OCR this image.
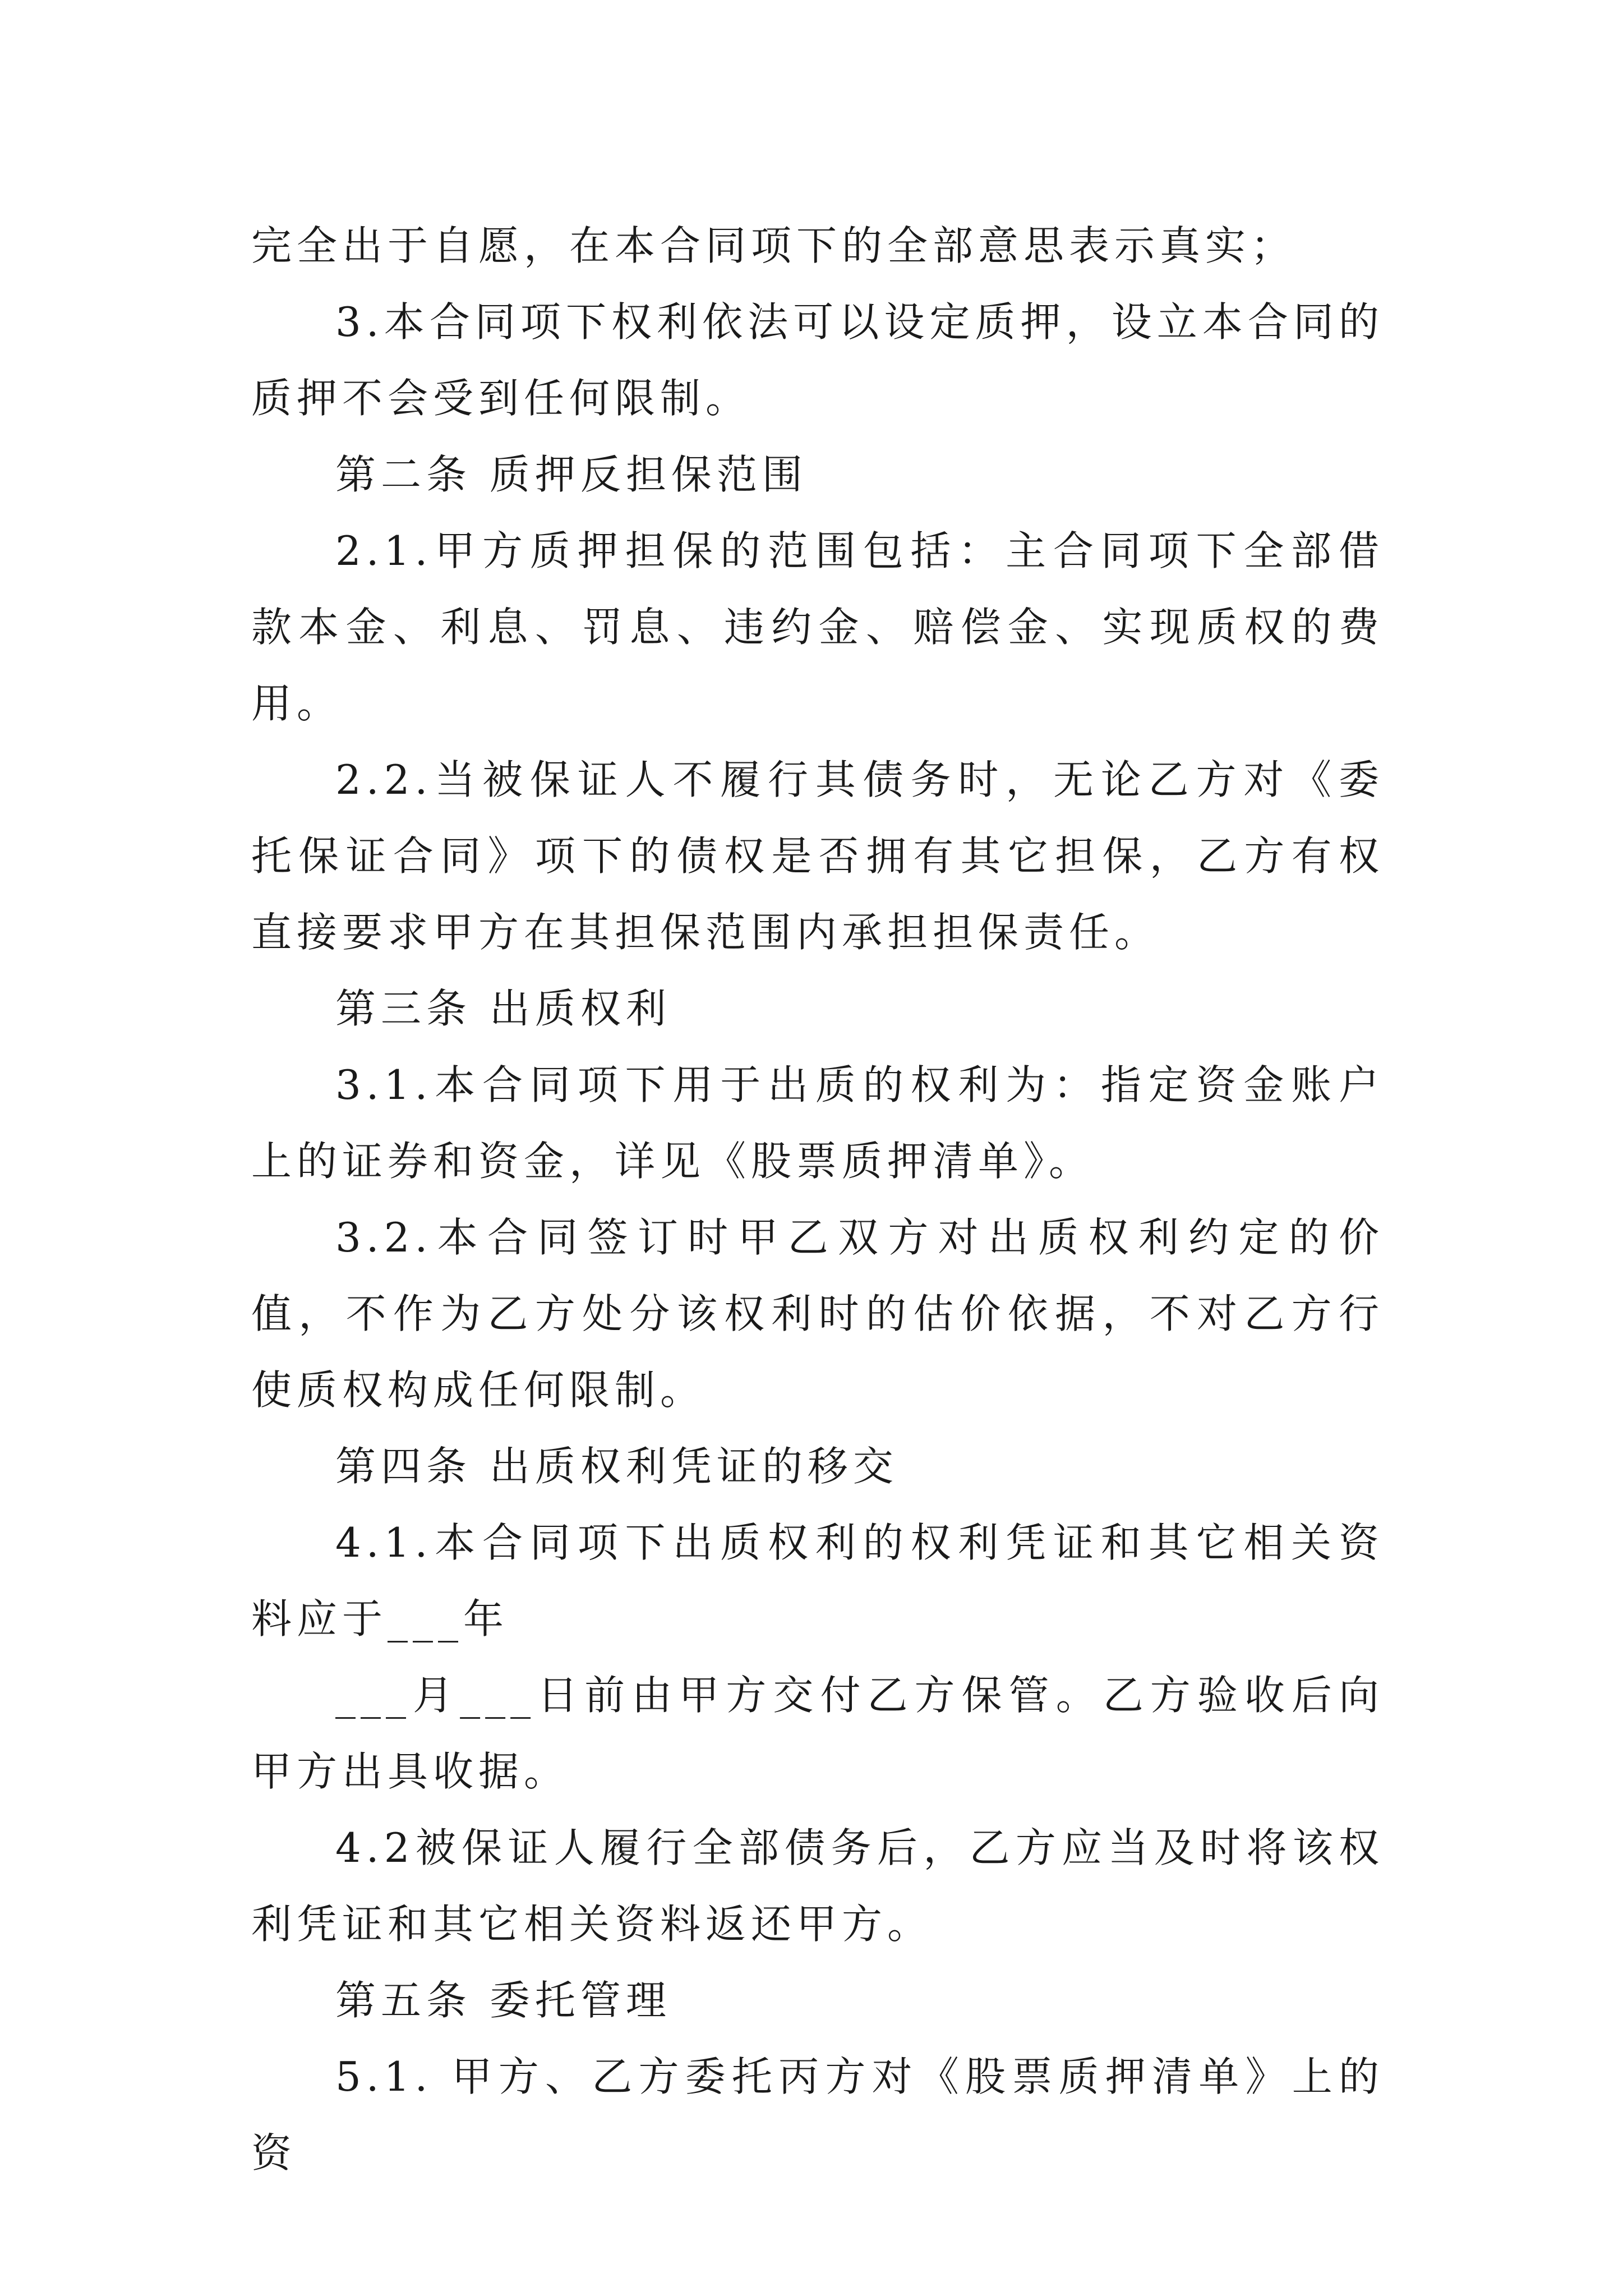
完全出于自愿，在本合同项下的全部意思表示真实；

3.本合同项下权利依法可以设定质押，设立本合同的质押不会受到任何限制。

第二条 质押反担保范围

2.1.甲方质押担保的范围包括：主合同项下全部借款本金、利息、罚息、违约金、赔偿金、实现质权的费用。

2.2.当被保证人不履行其债务时，无论乙方对《委托保证合同》项下的债权是否拥有其它担保，乙方有权直接要求甲方在其担保范围内承担担保责任。

第三条 出质权利

3.1.本合同项下用于出质的权利为：指定资金账户上的证券和资金，详见《股票质押清单》。

3.2.本合同签订时甲乙双方对出质权利约定的价值，不作为乙方处分该权利时的估价依据，不对乙方行使质权构成任何限制。

第四条 出质权利凭证的移交

4.1.本合同项下出质权利的权利凭证和其它相关资料应于___年

___月___日前由甲方交付乙方保管。乙方验收后向甲方出具收据。

4.2被保证人履行全部债务后，乙方应当及时将该权利凭证和其它相关资料返还甲方。

第五条 委托管理

5.1. 甲方、乙方委托丙方对《股票质押清单》上的资
